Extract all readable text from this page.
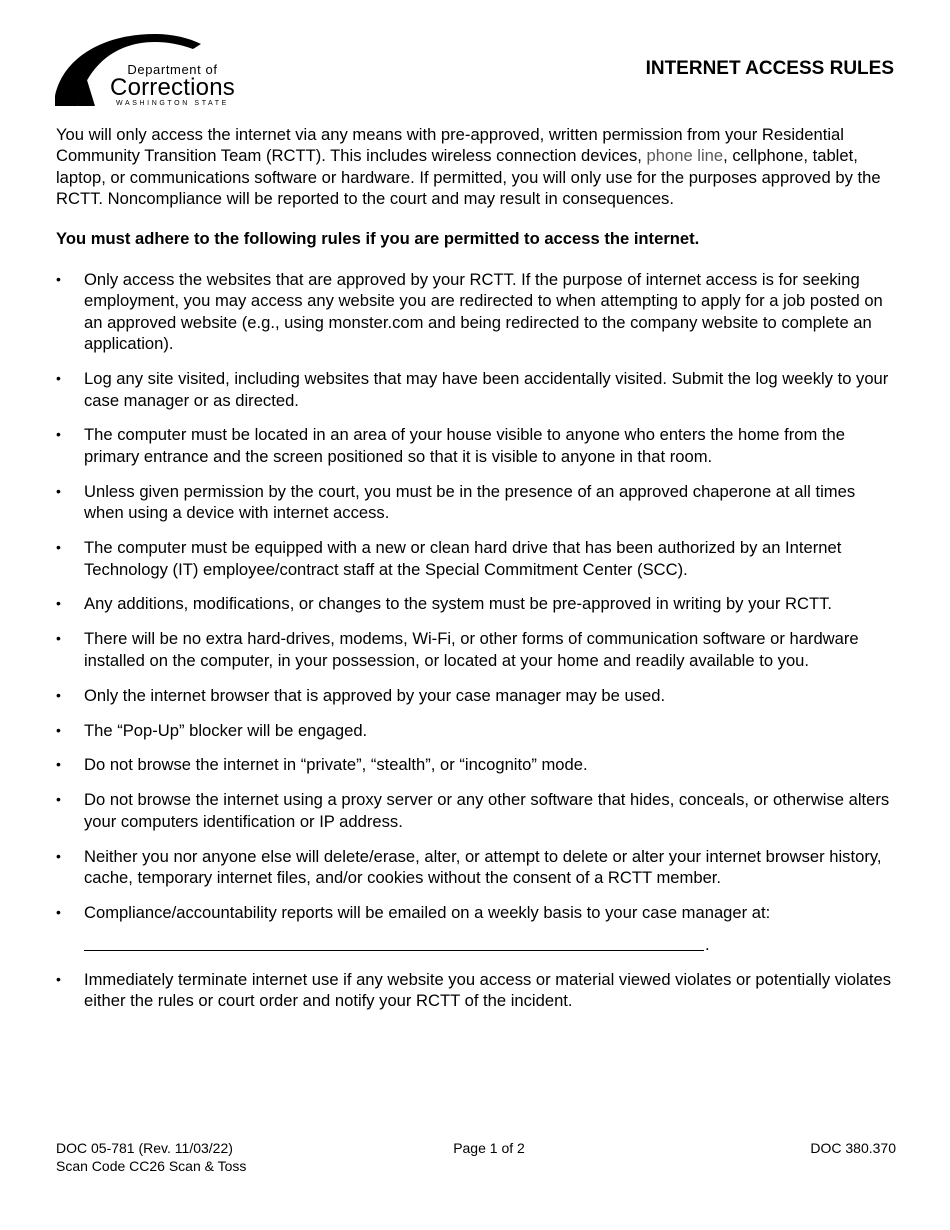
Department of
Corrections
WASHINGTON STATE
INTERNET ACCESS RULES

You will only access the internet via any means with pre-approved, written permission from your Residential Community Transition Team (RCTT). This includes wireless connection devices, phone line, cellphone, tablet, laptop, or communications software or hardware. If permitted, you will only use for the purposes approved by the RCTT. Noncompliance will be reported to the court and may result in consequences.

You must adhere to the following rules if you are permitted to access the internet.

• Only access the websites that are approved by your RCTT. If the purpose of internet access is for seeking employment, you may access any website you are redirected to when attempting to apply for a job posted on an approved website (e.g., using monster.com and being redirected to the company website to complete an application).
• Log any site visited, including websites that may have been accidentally visited. Submit the log weekly to your case manager or as directed.
• The computer must be located in an area of your house visible to anyone who enters the home from the primary entrance and the screen positioned so that it is visible to anyone in that room.
• Unless given permission by the court, you must be in the presence of an approved chaperone at all times when using a device with internet access.
• The computer must be equipped with a new or clean hard drive that has been authorized by an Internet Technology (IT) employee/contract staff at the Special Commitment Center (SCC).
• Any additions, modifications, or changes to the system must be pre-approved in writing by your RCTT.
• There will be no extra hard-drives, modems, Wi-Fi, or other forms of communication software or hardware installed on the computer, in your possession, or located at your home and readily available to you.
• Only the internet browser that is approved by your case manager may be used.
• The “Pop-Up” blocker will be engaged.
• Do not browse the internet in “private”, “stealth”, or “incognito” mode.
• Do not browse the internet using a proxy server or any other software that hides, conceals, or otherwise alters your computers identification or IP address.
• Neither you nor anyone else will delete/erase, alter, or attempt to delete or alter your internet browser history, cache, temporary internet files, and/or cookies without the consent of a RCTT member.
• Compliance/accountability reports will be emailed on a weekly basis to your case manager at:
.
• Immediately terminate internet use if any website you access or material viewed violates or potentially violates either the rules or court order and notify your RCTT of the incident.
DOC 05-781 (Rev. 11/03/22)
Scan Code CC26 Scan & Toss
Page 1 of 2	DOC 380.370
